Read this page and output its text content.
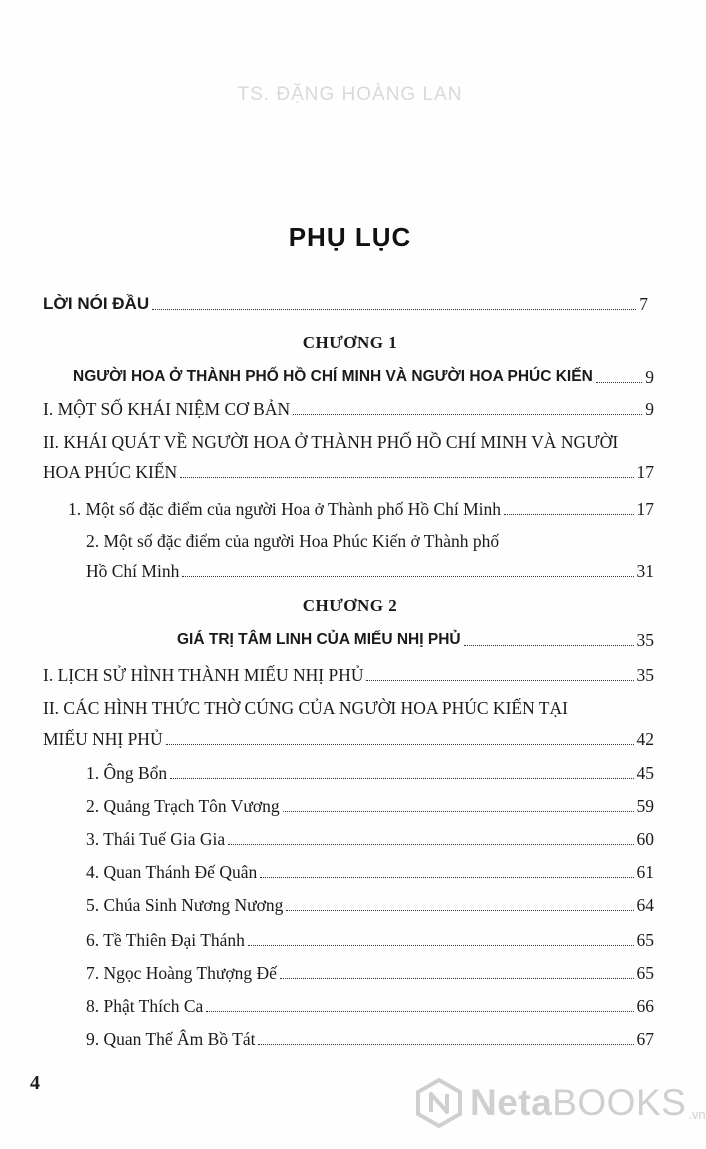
TS. ĐẶNG HOÀNG LAN
PHỤ LỤC
LỜI NÓI ĐẦU	7
CHƯƠNG 1
NGƯỜI HOA Ở THÀNH PHỐ HỒ CHÍ MINH VÀ NGƯỜI HOA PHÚC KIẾN	9
I. MỘT SỐ KHÁI NIỆM CƠ BẢN	9
II. KHÁI QUÁT VỀ NGƯỜI HOA Ở THÀNH PHỐ HỒ CHÍ MINH VÀ NGƯỜI
HOA PHÚC KIẾN	17
1. Một số đặc điểm của người Hoa ở Thành phố Hồ Chí Minh	17
2. Một số đặc điểm của người Hoa Phúc Kiến ở Thành phố
Hồ Chí Minh	31
CHƯƠNG 2
GIÁ TRỊ TÂM LINH CỦA MIẾU NHỊ PHỦ	35
I. LỊCH SỬ HÌNH THÀNH MIẾU NHỊ PHỦ	35
II. CÁC HÌNH THỨC THỜ CÚNG CỦA NGƯỜI HOA PHÚC KIẾN TẠI
MIẾU NHỊ PHỦ	42
1. Ông Bổn	45
2. Quảng Trạch Tôn Vương	59
3. Thái Tuế Gia Gia	60
4. Quan Thánh Đế Quân	61
5. Chúa Sinh Nương Nương	64
6. Tề Thiên Đại Thánh	65
7. Ngọc Hoàng Thượng Đế	65
8. Phật Thích Ca	66
9. Quan Thế Âm Bồ Tát	67
4	NetaBOOKS .vn
